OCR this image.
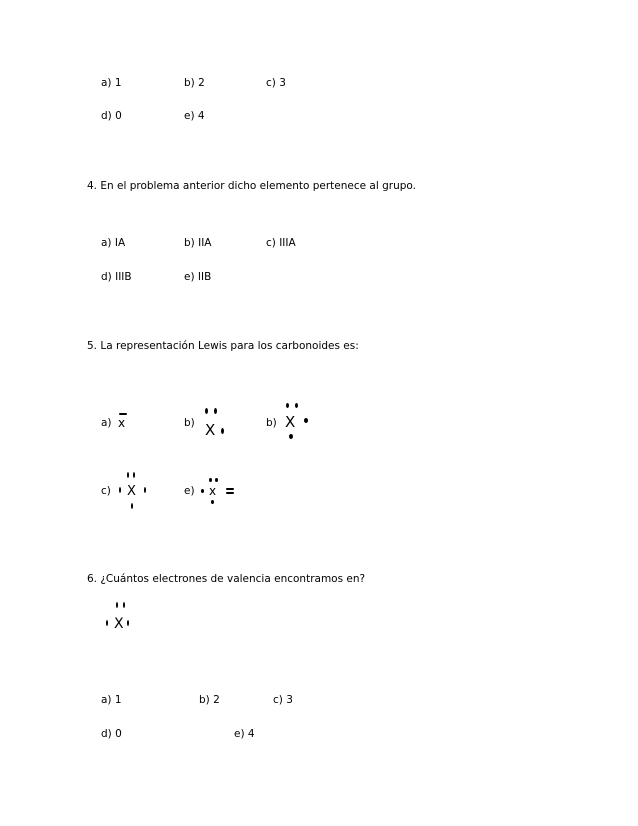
a) 1	b) 2	c) 3
d) 0	e) 4
4. En el problema anterior dicho elemento pertenece al grupo.
a) IA	b) IIA	c) IIIA
d) IIIB	e) IIB
5. La representación Lewis para los carbonoides es:
a) x	b) X	b) X
c) X	e) x
6. ¿Cuántos electrones de valencia encontramos en?
X
a) 1	b) 2	c) 3
d) 0	e) 4
